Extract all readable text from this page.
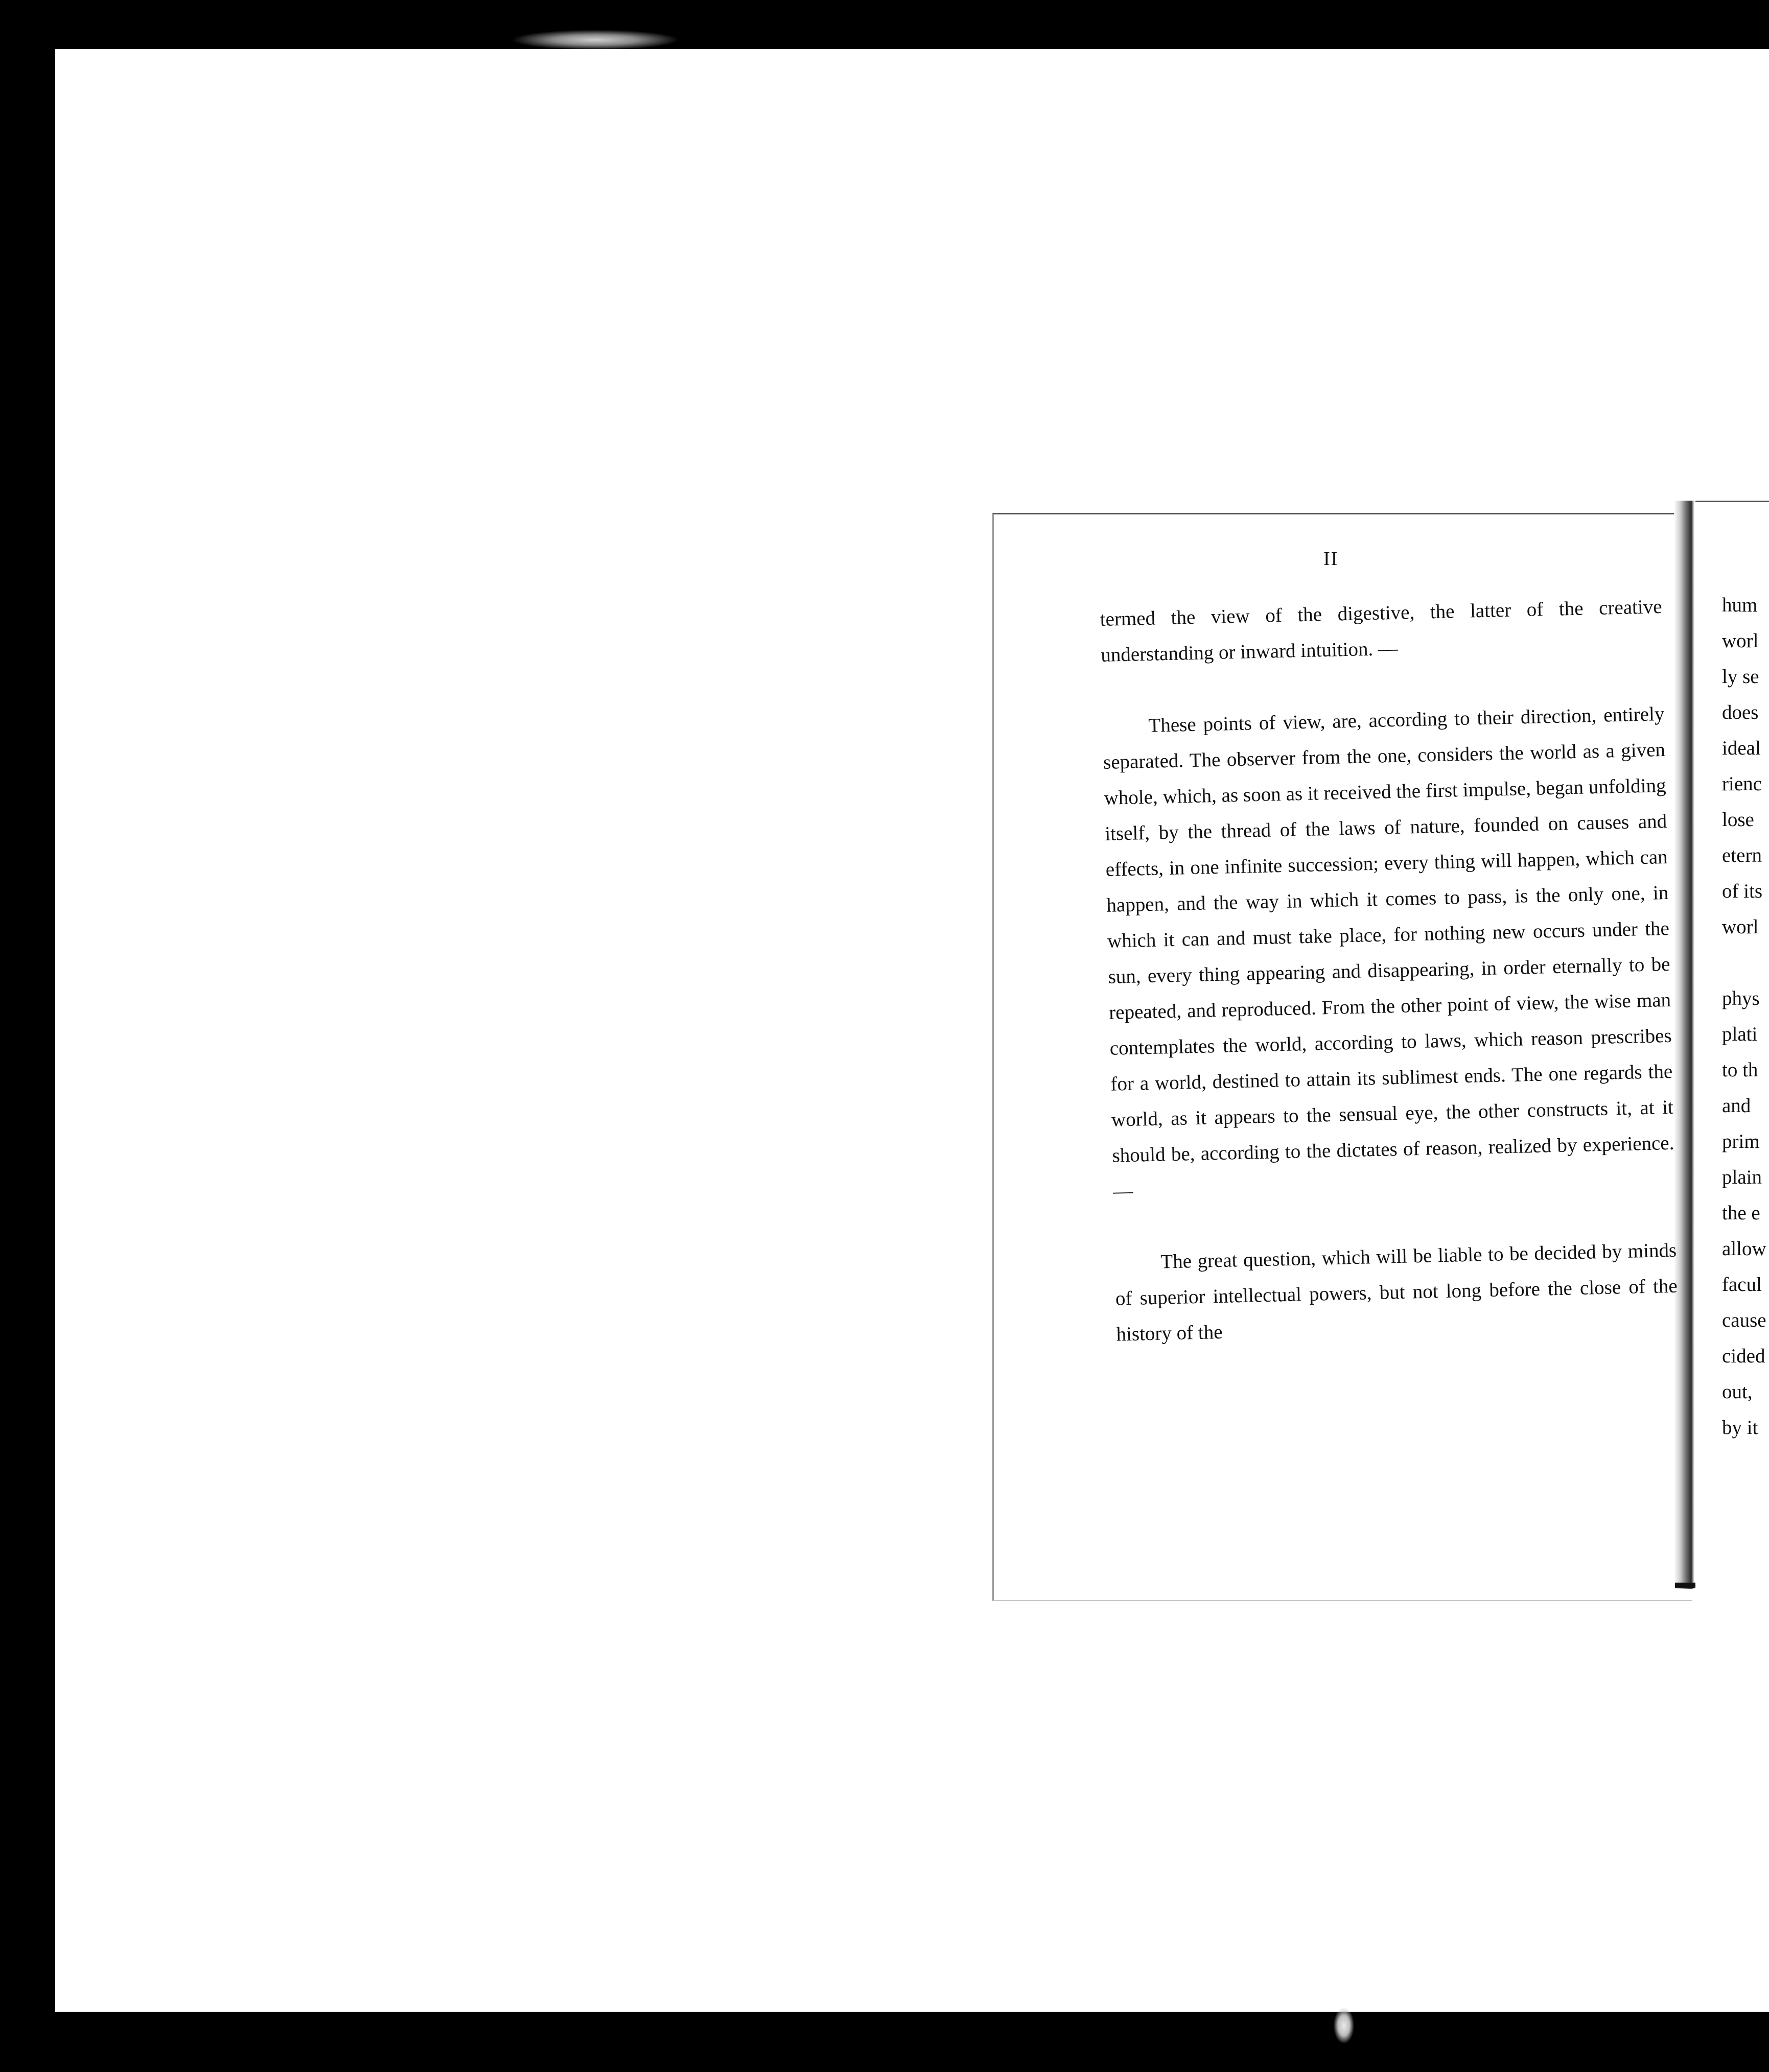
II

termed the view of the digestive, the latter of the creative understanding or inward intuition. —

These points of view, are, according to their direction, entirely separated. The observer from the one, considers the world as a given whole, which, as soon as it received the first impulse, began unfolding itself, by the thread of the laws of nature, founded on causes and effects, in one infinite succession; every thing will happen, which can happen, and the way in which it comes to pass, is the only one, in which it can and must take place, for nothing new occurs under the sun, every thing appearing and disappearing, in order eternally to be repeated, and reproduced. From the other point of view, the wise man contemplates the world, according to laws, which reason prescribes for a world, destined to attain its sublimest ends. The one regards the world, as it appears to the sensual eye, the other constructs it, at it should be, according to the dictates of reason, realized by experience. —

The great question, which will be liable to be decided by minds of superior intellectual powers, but not long before the close of the history of the

hum
worl
ly se
does
ideal
rienc
lose
etern
of its
worl
phys
plati
to th
and
prim
plain
the e
allow
facul
cause
cided
out,
by it
